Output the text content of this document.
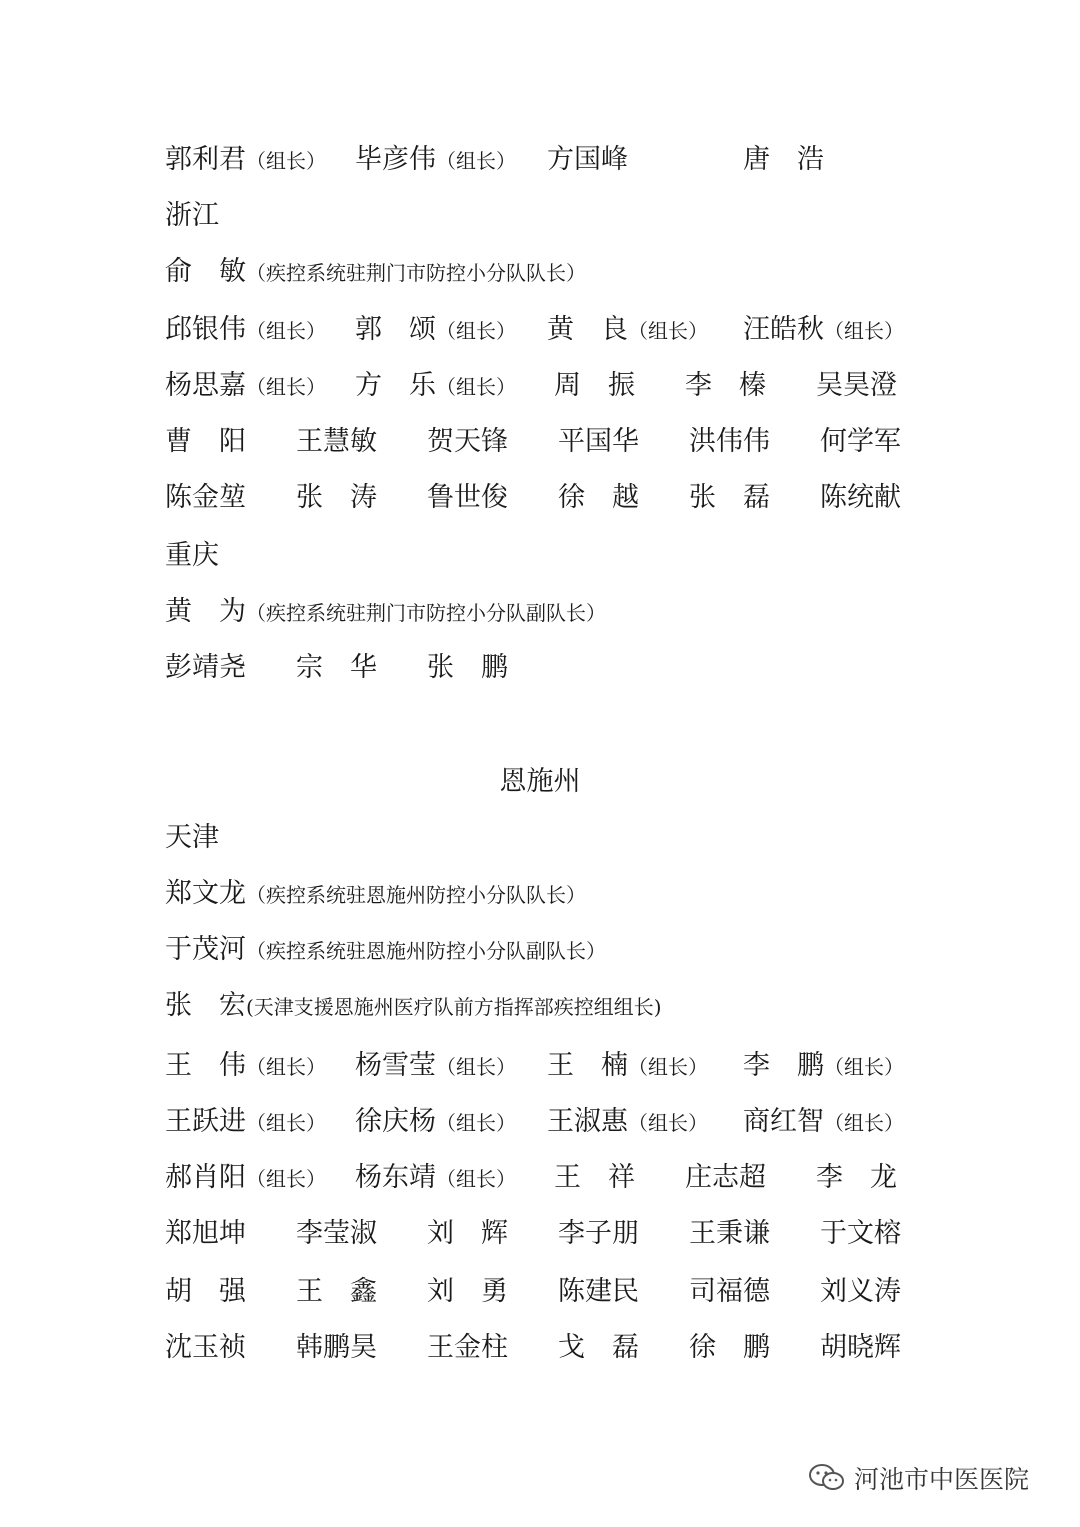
郭利君（组长） 毕彦伟（组长） 方国峰	唐　浩
浙江
俞　敏（疾控系统驻荆门市防控小分队队长）
邱银伟（组长） 郭　颂（组长） 黄　良（组长） 汪皓秋（组长）
杨思嘉（组长） 方　乐（组长） 周　振 李　榛 吴昊澄
曹　阳 王慧敏 贺天锋 平国华 洪伟伟 何学军
陈金堃 张　涛 鲁世俊 徐　越 张　磊 陈统献
重庆
黄　为（疾控系统驻荆门市防控小分队副队长）
彭靖尧 宗　华 张　鹏
恩施州
天津
郑文龙（疾控系统驻恩施州防控小分队队长）
于茂河（疾控系统驻恩施州防控小分队副队长）
张　宏(天津支援恩施州医疗队前方指挥部疾控组组长)
王　伟（组长） 杨雪莹（组长） 王　楠（组长） 李　鹏（组长）
王跃进（组长） 徐庆杨（组长） 王淑惠（组长） 商红智（组长）
郝肖阳（组长） 杨东靖（组长） 王　祥 庄志超 李　龙
郑旭坤 李莹淑 刘　辉 李子朋 王秉谦 于文榕
胡　强 王　鑫 刘　勇 陈建民 司福德 刘义涛
沈玉祯 韩鹏昊 王金柱 戈　磊 徐　鹏 胡晓辉
河池市中医医院
